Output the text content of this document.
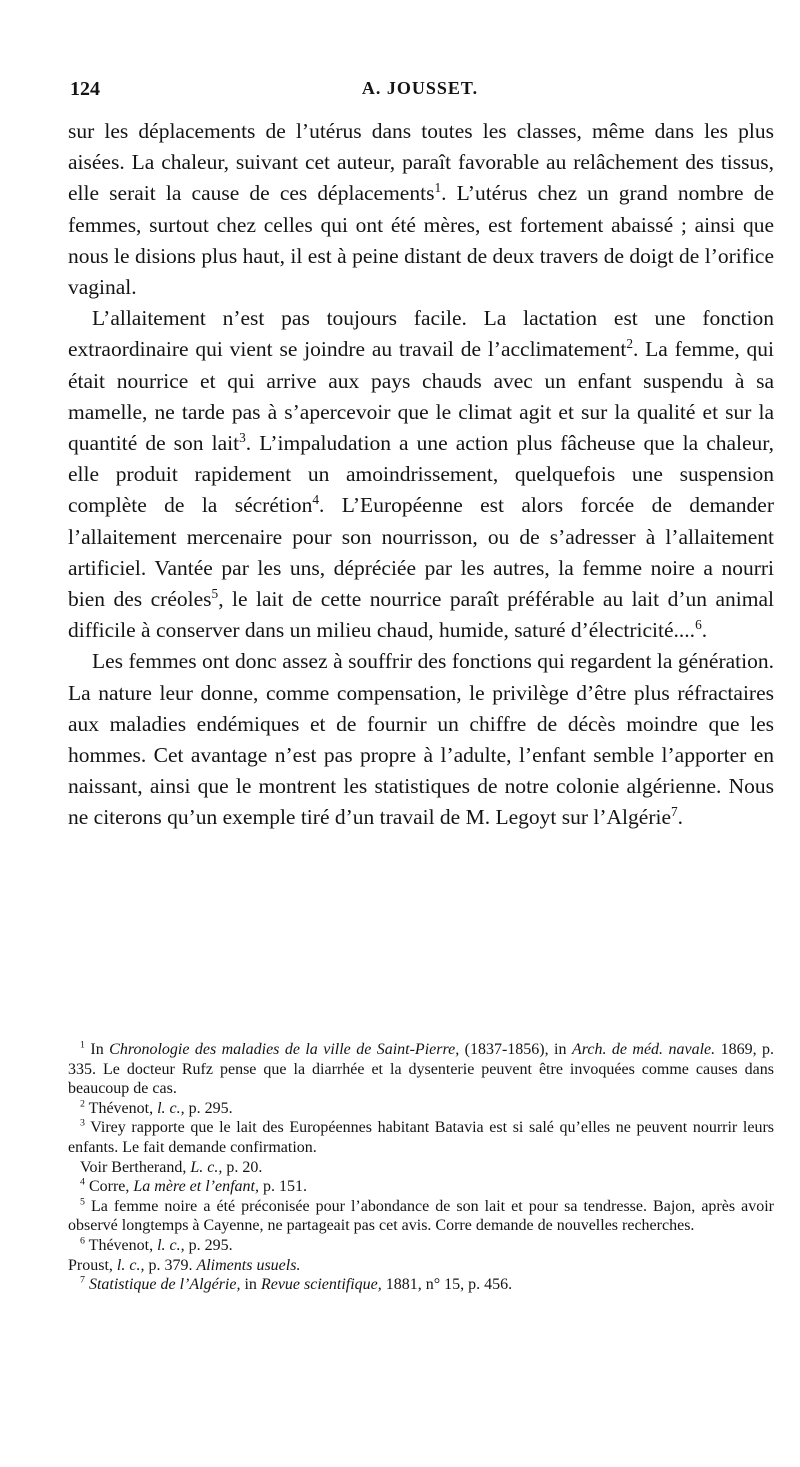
124	A. JOUSSET.

sur les déplacements de l’utérus dans toutes les classes, même dans les plus aisées. La chaleur, suivant cet auteur, paraît favorable au relâchement des tissus, elle serait la cause de ces déplacements$^1$. L’utérus chez un grand nombre de femmes, surtout chez celles qui ont été mères, est fortement abaissé ; ainsi que nous le disions plus haut, il est à peine distant de deux travers de doigt de l’orifice vaginal.

L’allaitement n’est pas toujours facile. La lactation est une fonction extraordinaire qui vient se joindre au travail de l’acclimatement$^2$. La femme, qui était nourrice et qui arrive aux pays chauds avec un enfant suspendu à sa mamelle, ne tarde pas à s’apercevoir que le climat agit et sur la qualité et sur la quantité de son lait$^3$. L’impaludation a une action plus fâcheuse que la chaleur, elle produit rapidement un amoindrissement, quelquefois une suspension complète de la sécrétion$^4$. L’Européenne est alors forcée de demander l’allaitement mercenaire pour son nourrisson, ou de s’adresser à l’allaitement artificiel. Vantée par les uns, dépréciée par les autres, la femme noire a nourri bien des créoles$^5$, le lait de cette nourrice paraît préférable au lait d’un animal difficile à conserver dans un milieu chaud, humide, saturé d’électricité....$^6$.

Les femmes ont donc assez à souffrir des fonctions qui regardent la génération. La nature leur donne, comme compensation, le privilège d’être plus réfractaires aux maladies endémiques et de fournir un chiffre de décès moindre que les hommes. Cet avantage n’est pas propre à l’adulte, l’enfant semble l’apporter en naissant, ainsi que le montrent les statistiques de notre colonie algérienne. Nous ne citerons qu’un exemple tiré d’un travail de M. Legoyt sur l’Algérie$^7$.

$^1$ In Chronologie des maladies de la ville de Saint-Pierre, (1837-1856), in Arch. de méd. navale. 1869, p. 335. Le docteur Rufz pense que la diarrhée et la dysenterie peuvent être invoquées comme causes dans beaucoup de cas.

$^2$ Thévenot, l. c., p. 295.

$^3$ Virey rapporte que le lait des Européennes habitant Batavia est si salé qu’elles ne peuvent nourrir leurs enfants. Le fait demande confirmation.

Voir Bertherand, L. c., p. 20.

$^4$ Corre, La mère et l’enfant, p. 151.

$^5$ La femme noire a été préconisée pour l’abondance de son lait et pour sa tendresse. Bajon, après avoir observé longtemps à Cayenne, ne partageait pas cet avis. Corre demande de nouvelles recherches.

$^6$ Thévenot, l. c., p. 295.

Proust, l. c., p. 379. Aliments usuels.

$^7$ Statistique de l’Algérie, in Revue scientifique, 1881, n° 15, p. 456.
